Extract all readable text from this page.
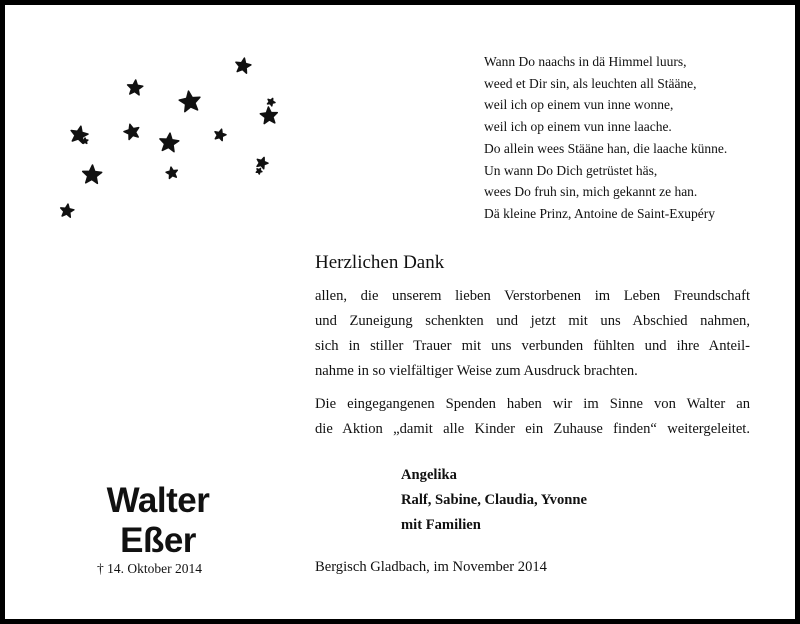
Wann Do naachs in dä Himmel luurs,
weed et Dir sin, als leuchten all Stääne,
weil ich op einem vun inne wonne,
weil ich op einem vun inne laache.
Do allein wees Stääne han, die laache künne.
Un wann Do Dich getrüstet häs,
wees Do fruh sin, mich gekannt ze han.
Dä kleine Prinz, Antoine de Saint-Exupéry
Herzlichen Dank
allen, die unserem lieben Verstorbenen im Leben Freundschaft
und Zuneigung schenkten und jetzt mit uns Abschied nahmen,
sich in stiller Trauer mit uns verbunden fühlten und ihre Anteil-
nahme in so vielfältiger Weise zum Ausdruck brachten.
Die eingegangenen Spenden haben wir im Sinne von Walter an
die Aktion „damit alle Kinder ein Zuhause finden“ weitergeleitet.
Angelika
Ralf, Sabine, Claudia, Yvonne
mit Familien
Bergisch Gladbach, im November 2014
Walter
Eßer
† 14. Oktober 2014
